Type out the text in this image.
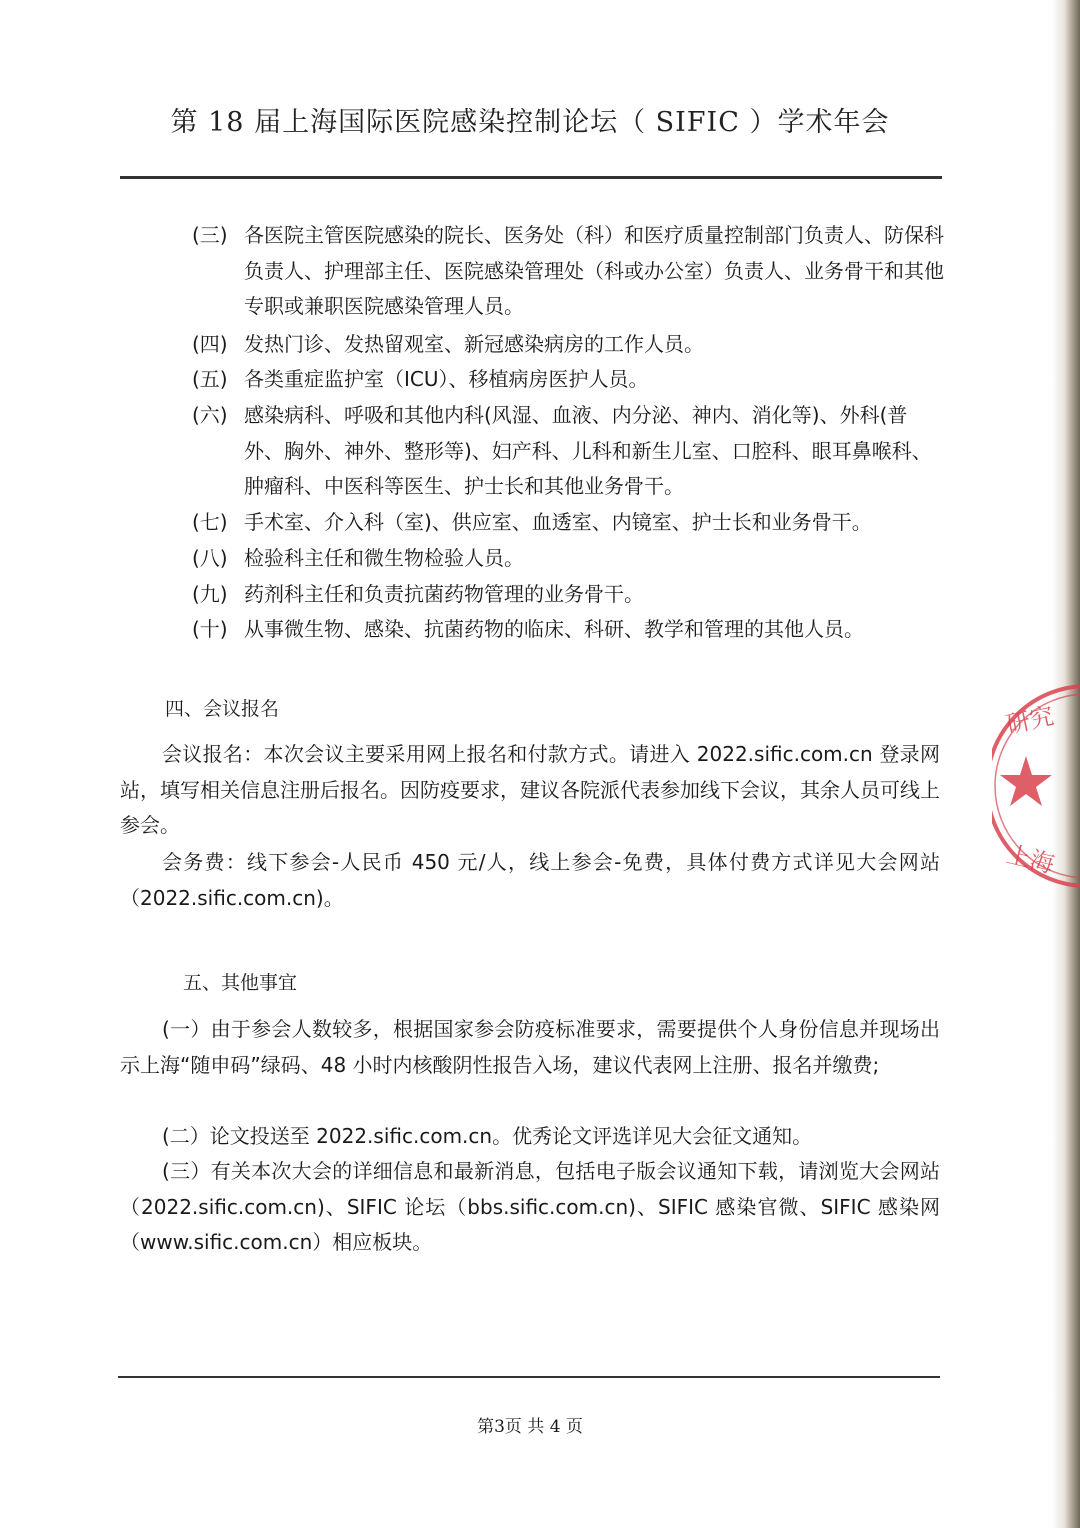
第 18 届上海国际医院感染控制论坛（ SIFIC ）学术年会
(三) 各医院主管医院感染的院长、医务处（科）和医疗质量控制部门负责人、防保科负责人、护理部主任、医院感染管理处（科或办公室）负责人、业务骨干和其他专职或兼职医院感染管理人员。
(四) 发热门诊、发热留观室、新冠感染病房的工作人员。
(五) 各类重症监护室（ICU）、移植病房医护人员。
(六) 感染病科、呼吸和其他内科(风湿、血液、内分泌、神内、消化等)、外科(普外、胸外、神外、整形等)、妇产科、儿科和新生儿室、口腔科、眼耳鼻喉科、肿瘤科、中医科等医生、护士长和其他业务骨干。
(七) 手术室、介入科（室)、供应室、血透室、内镜室、护士长和业务骨干。
(八) 检验科主任和微生物检验人员。
(九) 药剂科主任和负责抗菌药物管理的业务骨干。
(十) 从事微生物、感染、抗菌药物的临床、科研、教学和管理的其他人员。
四、会议报名
会议报名：本次会议主要采用网上报名和付款方式。请进入 2022.sific.com.cn 登录网站，填写相关信息注册后报名。因防疫要求，建议各院派代表参加线下会议，其余人员可线上参会。
会务费：线下参会-人民币 450 元/人，线上参会-免费，具体付费方式详见大会网站（2022.sific.com.cn)。
五、其他事宜
(一）由于参会人数较多，根据国家参会防疫标准要求，需要提供个人身份信息并现场出示上海“随申码”绿码、48 小时内核酸阴性报告入场，建议代表网上注册、报名并缴费;
(二）论文投送至 2022.sific.com.cn。优秀论文评选详见大会征文通知。
(三）有关本次大会的详细信息和最新消息，包括电子版会议通知下载，请浏览大会网站（2022.sific.com.cn)、SIFIC 论坛（bbs.sific.com.cn)、SIFIC 感染官微、SIFIC 感染网（www.sific.com.cn）相应板块。
第3页 共 4 页
研究
上海
